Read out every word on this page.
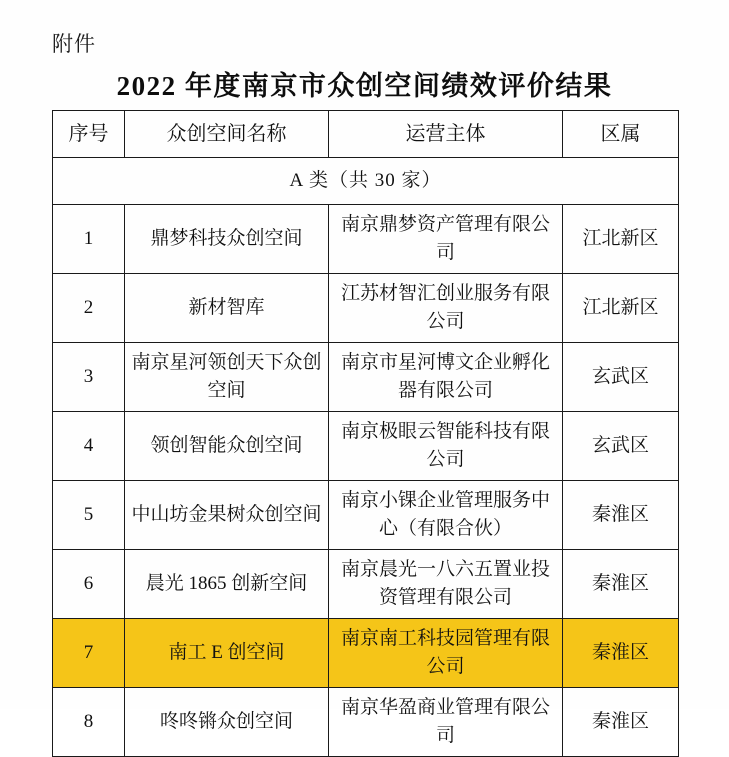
附件
2022 年度南京市众创空间绩效评价结果
序号	众创空间名称	运营主体	区属
A 类（共 30 家）			
1	鼎梦科技众创空间	南京鼎梦资产管理有限公司	江北新区
2	新材智库	江苏材智汇创业服务有限公司	江北新区
3	南京星河领创天下众创空间	南京市星河博文企业孵化器有限公司	玄武区
4	领创智能众创空间	南京极眼云智能科技有限公司	玄武区
5	中山坊金果树众创空间	南京小锞企业管理服务中心（有限合伙）	秦淮区
6	晨光 1865 创新空间	南京晨光一八六五置业投资管理有限公司	秦淮区
7	南工 E 创空间	南京南工科技园管理有限公司	秦淮区
8	咚咚锵众创空间	南京华盈商业管理有限公司	秦淮区
